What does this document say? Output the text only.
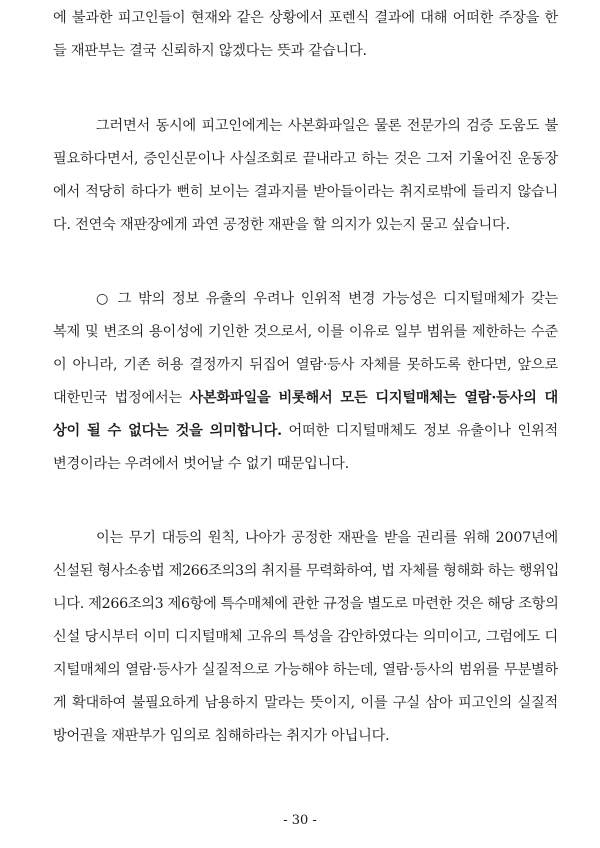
에 불과한 피고인들이 현재와 같은 상황에서 포렌식 결과에 대해 어떠한 주장을 한
들 재판부는 결국 신뢰하지 않겠다는 뜻과 같습니다.
그러면서 동시에 피고인에게는 사본화파일은 물론 전문가의 검증 도움도 불
필요하다면서, 증인신문이나 사실조회로 끝내라고 하는 것은 그저 기울어진 운동장
에서 적당히 하다가 뻔히 보이는 결과지를 받아들이라는 취지로밖에 들리지 않습니
다. 전연숙 재판장에게 과연 공정한 재판을 할 의지가 있는지 묻고 싶습니다.
○ 그 밖의 정보 유출의 우려나 인위적 변경 가능성은 디지털매체가 갖는
복제 및 변조의 용이성에 기인한 것으로서, 이를 이유로 일부 범위를 제한하는 수준
이 아니라, 기존 허용 결정까지 뒤집어 열람·등사 자체를 못하도록 한다면, 앞으로
대한민국 법정에서는 사본화파일을 비롯해서 모든 디지털매체는 열람·등사의 대
상이 될 수 없다는 것을 의미합니다. 어떠한 디지털매체도 정보 유출이나 인위적
변경이라는 우려에서 벗어날 수 없기 때문입니다.
이는 무기 대등의 원칙, 나아가 공정한 재판을 받을 권리를 위해 2007년에
신설된 형사소송법 제266조의3의 취지를 무력화하여, 법 자체를 형해화 하는 행위입
니다. 제266조의3 제6항에 특수매체에 관한 규정을 별도로 마련한 것은 해당 조항의
신설 당시부터 이미 디지털매체 고유의 특성을 감안하였다는 의미이고, 그럼에도 디
지털매체의 열람·등사가 실질적으로 가능해야 하는데, 열람·등사의 범위를 무분별하
게 확대하여 불필요하게 남용하지 말라는 뜻이지, 이를 구실 삼아 피고인의 실질적
방어권을 재판부가 임의로 침해하라는 취지가 아닙니다.
- 30 -
